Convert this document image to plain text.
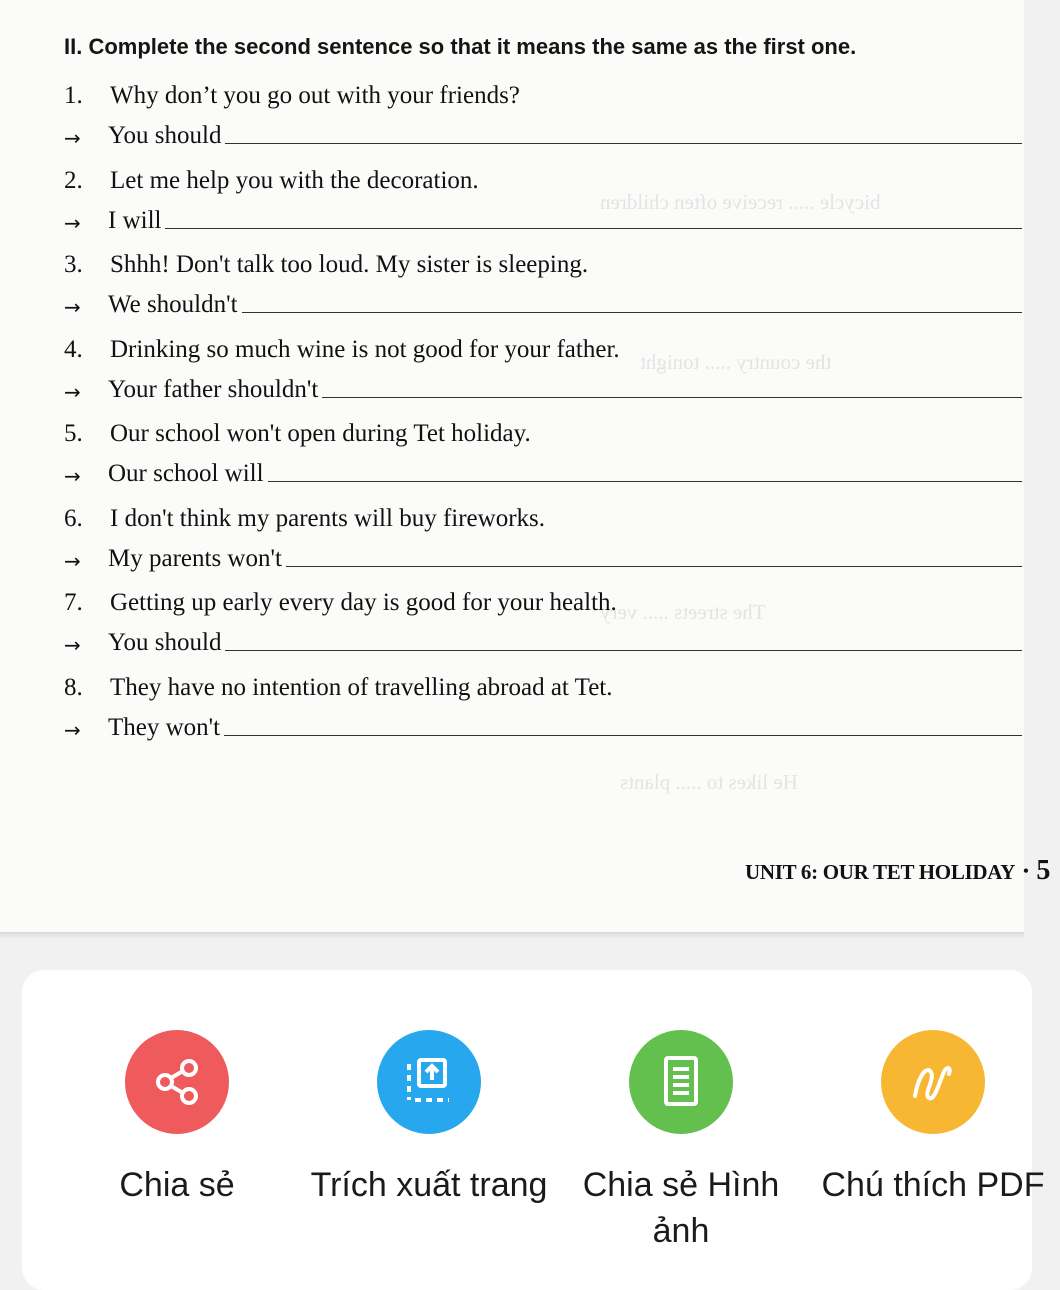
bicycle ..... receive often children
the country ..... tonight
The streets ..... very
He likes to ..... plants
II. Complete the second sentence so that it means the same as the first one.
1. Why don’t you go out with your friends?
→	You should
2. Let me help you with the decoration.
→	I will
3. Shhh! Don't talk too loud. My sister is sleeping.
→	We shouldn't
4. Drinking so much wine is not good for your father.
→	Your father shouldn't
5. Our school won't open during Tet holiday.
→	Our school will
6. I don't think my parents will buy fireworks.
→	My parents won't
7. Getting up early every day is good for your health.
→	You should
8. They have no intention of travelling abroad at Tet.
→	They won't
UNIT 6: OUR TET HOLIDAY • 5
Chia sẻ	Trích xuất trang	Chia sẻ Hình ảnh
Chú thích PDF
